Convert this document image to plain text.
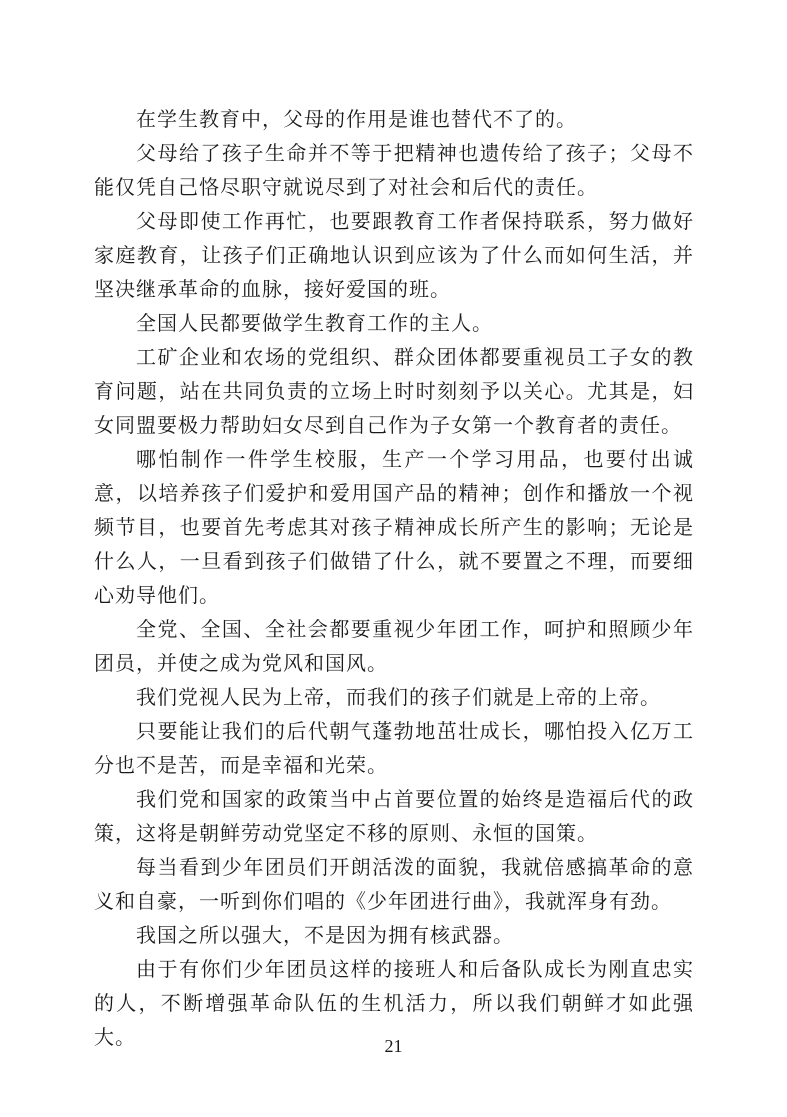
在学生教育中，父母的作用是谁也替代不了的。

父母给了孩子生命并不等于把精神也遗传给了孩子；父母不能仅凭自己恪尽职守就说尽到了对社会和后代的责任。

父母即使工作再忙，也要跟教育工作者保持联系，努力做好家庭教育，让孩子们正确地认识到应该为了什么而如何生活，并坚决继承革命的血脉，接好爱国的班。

全国人民都要做学生教育工作的主人。

工矿企业和农场的党组织、群众团体都要重视员工子女的教育问题，站在共同负责的立场上时时刻刻予以关心。尤其是，妇女同盟要极力帮助妇女尽到自己作为子女第一个教育者的责任。

哪怕制作一件学生校服，生产一个学习用品，也要付出诚意，以培养孩子们爱护和爱用国产品的精神；创作和播放一个视频节目，也要首先考虑其对孩子精神成长所产生的影响；无论是什么人，一旦看到孩子们做错了什么，就不要置之不理，而要细心劝导他们。

全党、全国、全社会都要重视少年团工作，呵护和照顾少年团员，并使之成为党风和国风。

我们党视人民为上帝，而我们的孩子们就是上帝的上帝。

只要能让我们的后代朝气蓬勃地茁壮成长，哪怕投入亿万工分也不是苦，而是幸福和光荣。

我们党和国家的政策当中占首要位置的始终是造福后代的政策，这将是朝鲜劳动党坚定不移的原则、永恒的国策。

每当看到少年团员们开朗活泼的面貌，我就倍感搞革命的意义和自豪，一听到你们唱的《少年团进行曲》，我就浑身有劲。

我国之所以强大，不是因为拥有核武器。

由于有你们少年团员这样的接班人和后备队成长为刚直忠实的人，不断增强革命队伍的生机活力，所以我们朝鲜才如此强大。	21
